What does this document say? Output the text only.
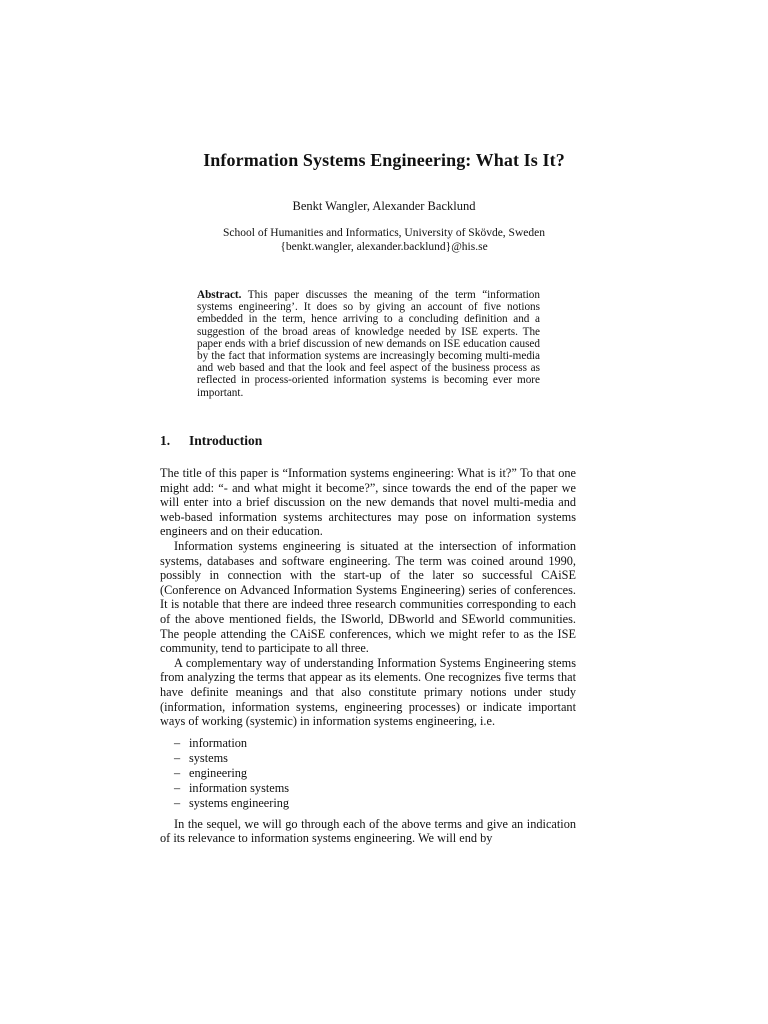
Information Systems Engineering: What Is It?
Benkt Wangler, Alexander Backlund
School of Humanities and Informatics, University of Skövde, Sweden
{benkt.wangler, alexander.backlund}@his.se
Abstract. This paper discusses the meaning of the term “information systems engineering’. It does so by giving an account of five notions embedded in the term, hence arriving to a concluding definition and a suggestion of the broad areas of knowledge needed by ISE experts. The paper ends with a brief discussion of new demands on ISE education caused by the fact that information systems are increasingly becoming multi-media and web based and that the look and feel aspect of the business process as reflected in process-oriented information systems is becoming ever more important.
1. Introduction

The title of this paper is “Information systems engineering: What is it?” To that one might add: “- and what might it become?”, since towards the end of the paper we will enter into a brief discussion on the new demands that novel multi-media and web-based information systems architectures may pose on information systems engineers and on their education.

Information systems engineering is situated at the intersection of information systems, databases and software engineering. The term was coined around 1990, possibly in connection with the start-up of the later so successful CAiSE (Conference on Advanced Information Systems Engineering) series of conferences. It is notable that there are indeed three research communities corresponding to each of the above mentioned fields, the ISworld, DBworld and SEworld communities. The people attending the CAiSE conferences, which we might refer to as the ISE community, tend to participate to all three.

A complementary way of understanding Information Systems Engineering stems from analyzing the terms that appear as its elements. One recognizes five terms that have definite meanings and that also constitute primary notions under study (information, information systems, engineering processes) or indicate important ways of working (systemic) in information systems engineering, i.e.

– information
– systems
– engineering
– information systems
– systems engineering

In the sequel, we will go through each of the above terms and give an indication of its relevance to information systems engineering. We will end by
